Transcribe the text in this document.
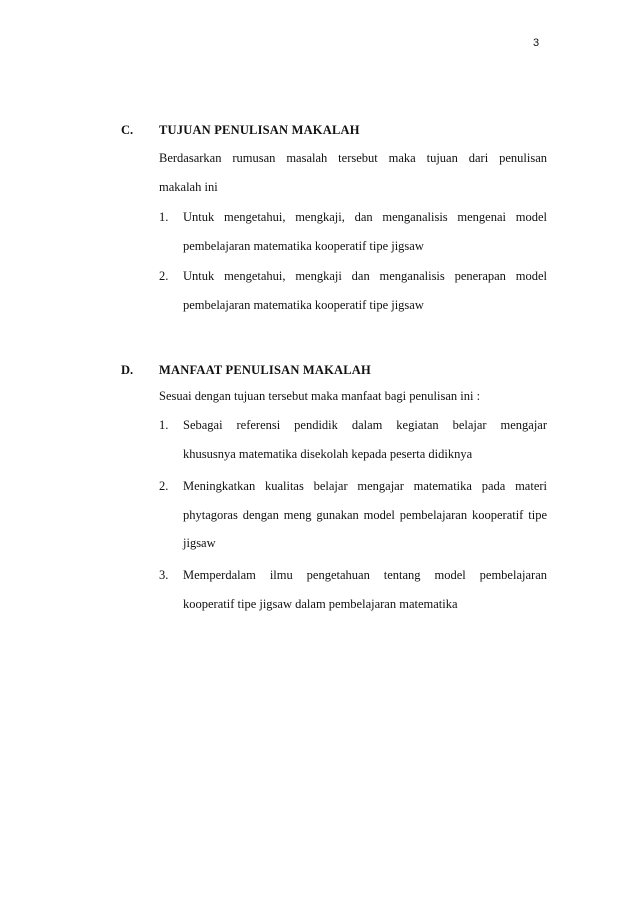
3
C. TUJUAN PENULISAN MAKALAH
Berdasarkan rumusan masalah tersebut maka tujuan dari penulisan
makalah ini
1. Untuk mengetahui, mengkaji, dan menganalisis mengenai model
pembelajaran matematika kooperatif tipe jigsaw
2. Untuk mengetahui, mengkaji dan menganalisis penerapan model
pembelajaran matematika kooperatif tipe jigsaw
D. MANFAAT PENULISAN MAKALAH
Sesuai dengan tujuan tersebut maka manfaat bagi penulisan ini :
1. Sebagai referensi pendidik dalam kegiatan belajar mengajar
khususnya matematika disekolah kepada peserta didiknya
2. Meningkatkan kualitas belajar mengajar matematika pada materi
phytagoras dengan meng gunakan model pembelajaran kooperatif tipe
jigsaw
3. Memperdalam ilmu pengetahuan tentang model pembelajaran
kooperatif tipe jigsaw dalam pembelajaran matematika
